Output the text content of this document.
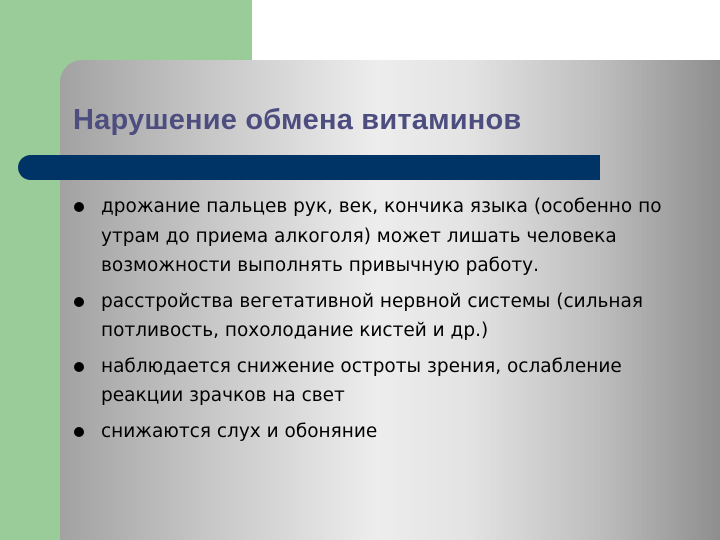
Нарушение обмена витаминов
дрожание пальцев рук, век, кончика языка (особенно по утрам до приема алкоголя) может лишать человека возможности выполнять привычную работу.
расстройства вегетативной нервной системы (сильная потливость, похолодание кистей и др.)
наблюдается снижение остроты зрения, ослабление реакции зрачков на свет
снижаются слух и обоняние
